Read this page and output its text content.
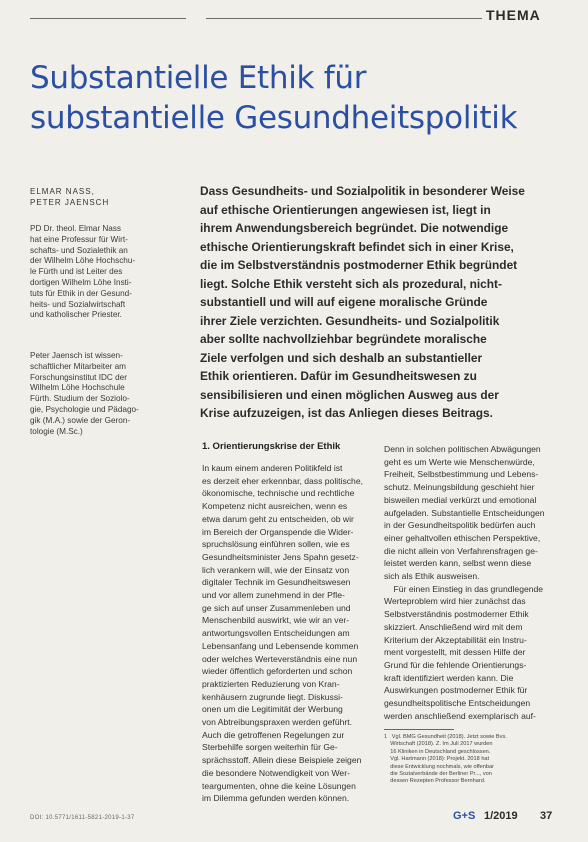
THEMA
Substantielle Ethik für
substantielle Gesundheitspolitik
ELMAR NASS,
PETER JAENSCH
PD Dr. theol. Elmar Nass
hat eine Professur für Wirt-
schafts- und Sozialethik an
der Wilhelm Löhe Hochschu-
le Fürth und ist Leiter des
dortigen Wilhelm Löhe Insti-
tuts für Ethik in der Gesund-
heits- und Sozialwirtschaft
und katholischer Priester.
Peter Jaensch ist wissen-
schaftlicher Mitarbeiter am
Forschungsinstitut IDC der
Wilhelm Löhe Hochschule
Fürth. Studium der Soziolo-
gie, Psychologie und Pädago-
gik (M.A.) sowie der Geron-
tologie (M.Sc.)
Dass Gesundheits- und Sozialpolitik in besonderer Weise
auf ethische Orientierungen angewiesen ist, liegt in
ihrem Anwendungsbereich begründet. Die notwendige
ethische Orientierungskraft befindet sich in einer Krise,
die im Selbstverständnis postmoderner Ethik begründet
liegt. Solche Ethik versteht sich als prozedural, nicht-
substantiell und will auf eigene moralische Gründe
ihrer Ziele verzichten. Gesundheits- und Sozialpolitik
aber sollte nachvollziehbar begründete moralische
Ziele verfolgen und sich deshalb an substantieller
Ethik orientieren. Dafür im Gesundheitswesen zu
sensibilisieren und einen möglichen Ausweg aus der
Krise aufzuzeigen, ist das Anliegen dieses Beitrags.
1. Orientierungskrise der Ethik
In kaum einem anderen Politikfeld ist
es derzeit eher erkennbar, dass politische,
ökonomische, technische und rechtliche
Kompetenz nicht ausreichen, wenn es
etwa darum geht zu entscheiden, ob wir
im Bereich der Organspende die Wider-
spruchslösung einführen sollen, wie es
Gesundheitsminister Jens Spahn gesetz-
lich verankern will, wie der Einsatz von
digitaler Technik im Gesundheitswesen
und vor allem zunehmend in der Pfle-
ge sich auf unser Zusammenleben und
Menschenbild auswirkt, wie wir an ver-
antwortungsvollen Entscheidungen am
Lebensanfang und Lebensende kommen
oder welches Werteverständnis eine nun
wieder öffentlich geforderten und schon
praktizierten Reduzierung von Kran-
kenhäusern zugrunde liegt. Diskussi-
onen um die Legitimität der Werbung
von Abtreibungspraxen werden geführt.
Auch die getroffenen Regelungen zur
Sterbehilfe sorgen weiterhin für Ge-
sprächsstoff. Allein diese Beispiele zeigen
die besondere Notwendigkeit von Wer-
teargumenten, ohne die keine Lösungen
im Dilemma gefunden werden können.
Denn in solchen politischen Abwägungen
geht es um Werte wie Menschenwürde,
Freiheit, Selbstbestimmung und Lebens-
schutz. Meinungsbildung geschieht hier
bisweilen medial verkürzt und emotional
aufgeladen. Substantielle Entscheidungen
in der Gesundheitspolitik bedürfen auch
einer gehaltvollen ethischen Perspektive,
die nicht allein von Verfahrensfragen ge-
leistet werden kann, selbst wenn diese
sich als Ethik ausweisen.
Für einen Einstieg in das grundlegende
Werteproblem wird hier zunächst das
Selbstverständnis postmoderner Ethik
skizziert. Anschließend wird mit dem
Kriterium der Akzeptabilität ein Instru-
ment vorgestellt, mit dessen Hilfe der
Grund für die fehlende Orientierungs-
kraft identifiziert werden kann. Die
Auswirkungen postmoderner Ethik für
gesundheitspolitische Entscheidungen
werden anschließend exemplarisch auf-
1   Vgl. BMG Gesundheit (2018). Jetzt sowie Bvs.
Wirtschaft (2018). Z. Im Juli 2017 wurden
16 Kliniken in Deutschland geschlossen.
Vgl. Hartmann (2018): Projekt. 2018 hat
diese Entwicklung nochmals, wie offenbar
die Sozialverbände der Berliner Pr..., von
dessen Rezepten Professor Bernhard.
DOI: 10.5771/1611-5821-2019-1-37	G+S 1/2019 37
